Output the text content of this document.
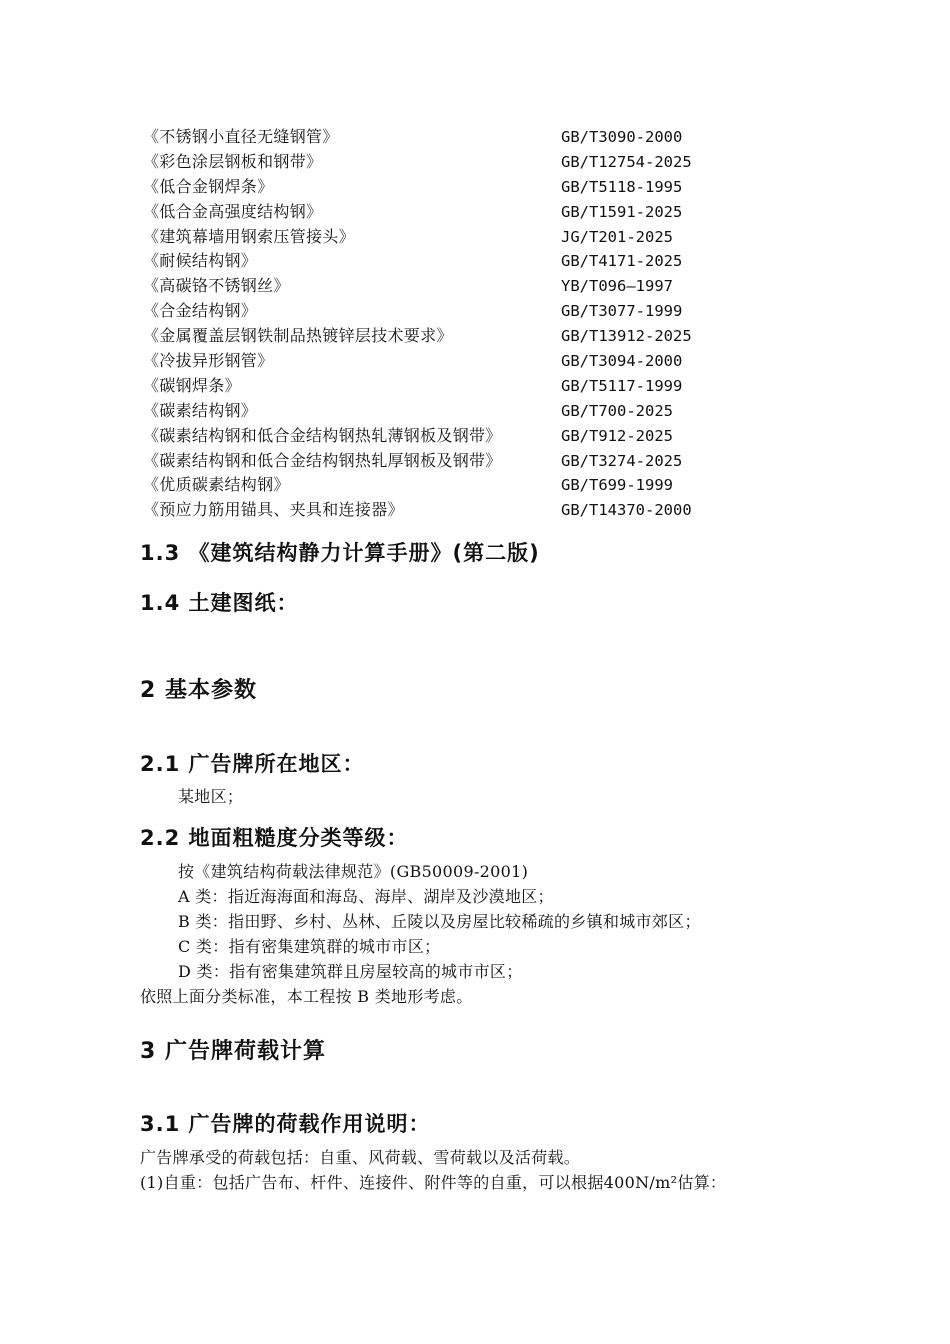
《不锈钢小直径无缝钢管》	GB/T3090-2000
《彩色涂层钢板和钢带》	GB/T12754-2025
《低合金钢焊条》	GB/T5118-1995
《低合金高强度结构钢》	GB/T1591-2025
《建筑幕墙用钢索压管接头》	JG/T201-2025
《耐候结构钢》	GB/T4171-2025
《高碳铬不锈钢丝》	YB/T096—1997
《合金结构钢》	GB/T3077-1999
《金属覆盖层钢铁制品热镀锌层技术要求》	GB/T13912-2025
《冷拔异形钢管》	GB/T3094-2000
《碳钢焊条》	GB/T5117-1999
《碳素结构钢》	GB/T700-2025
《碳素结构钢和低合金结构钢热轧薄钢板及钢带》	GB/T912-2025
《碳素结构钢和低合金结构钢热轧厚钢板及钢带》	GB/T3274-2025
《优质碳素结构钢》	GB/T699-1999
《预应力筋用锚具、夹具和连接器》	GB/T14370-2000
1.3 《建筑结构静力计算手册》(第二版)
1.4 土建图纸：
2 基本参数
2.1 广告牌所在地区：
某地区；
2.2 地面粗糙度分类等级：
按《建筑结构荷载法律规范》(GB50009-2001)
A 类：指近海海面和海岛、海岸、湖岸及沙漠地区；
B 类：指田野、乡村、丛林、丘陵以及房屋比较稀疏的乡镇和城市郊区；
C 类：指有密集建筑群的城市市区；
D 类：指有密集建筑群且房屋较高的城市市区；
依照上面分类标准，本工程按 B 类地形考虑。
3 广告牌荷载计算
3.1 广告牌的荷载作用说明：
广告牌承受的荷载包括：自重、风荷载、雪荷载以及活荷载。
(1)自重：包括广告布、杆件、连接件、附件等的自重，可以根据400N/m²估算：
